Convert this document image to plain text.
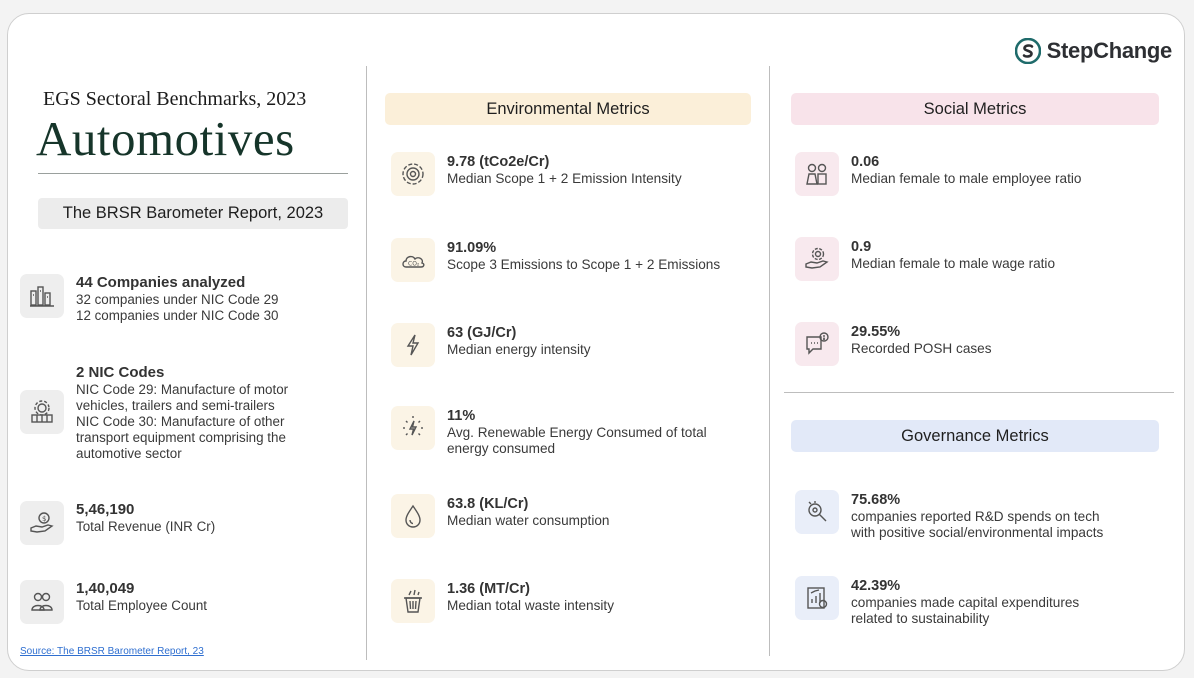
StepChange
EGS Sectoral Benchmarks, 2023
Automotives
The BRSR Barometer Report, 2023
44 Companies analyzed
32 companies under NIC Code 29
12 companies under NIC Code 30
2 NIC Codes
NIC Code 29: Manufacture of motor
vehicles, trailers and semi-trailers
NIC Code 30: Manufacture of other
transport equipment comprising the
automotive sector
$
5,46,190
Total Revenue (INR Cr)
1,40,049
Total Employee Count
Source: The BRSR Barometer Report, 23
Environmental Metrics
9.78 (tCo2e/Cr)
Median Scope 1 + 2 Emission Intensity
CO₂
91.09%
Scope 3 Emissions to Scope 1 + 2 Emissions
63 (GJ/Cr)
Median energy intensity
11%
Avg. Renewable Energy Consumed of total
energy consumed
63.8 (KL/Cr)
Median water consumption
1.36 (MT/Cr)
Median total waste intensity
Social Metrics
0.06
Median female to male employee ratio
0.9
Median female to male wage ratio
29.55%
Recorded POSH cases
Governance Metrics
75.68%
companies reported R&D spends on tech
with positive social/environmental impacts
42.39%
companies made capital expenditures
related to sustainability
